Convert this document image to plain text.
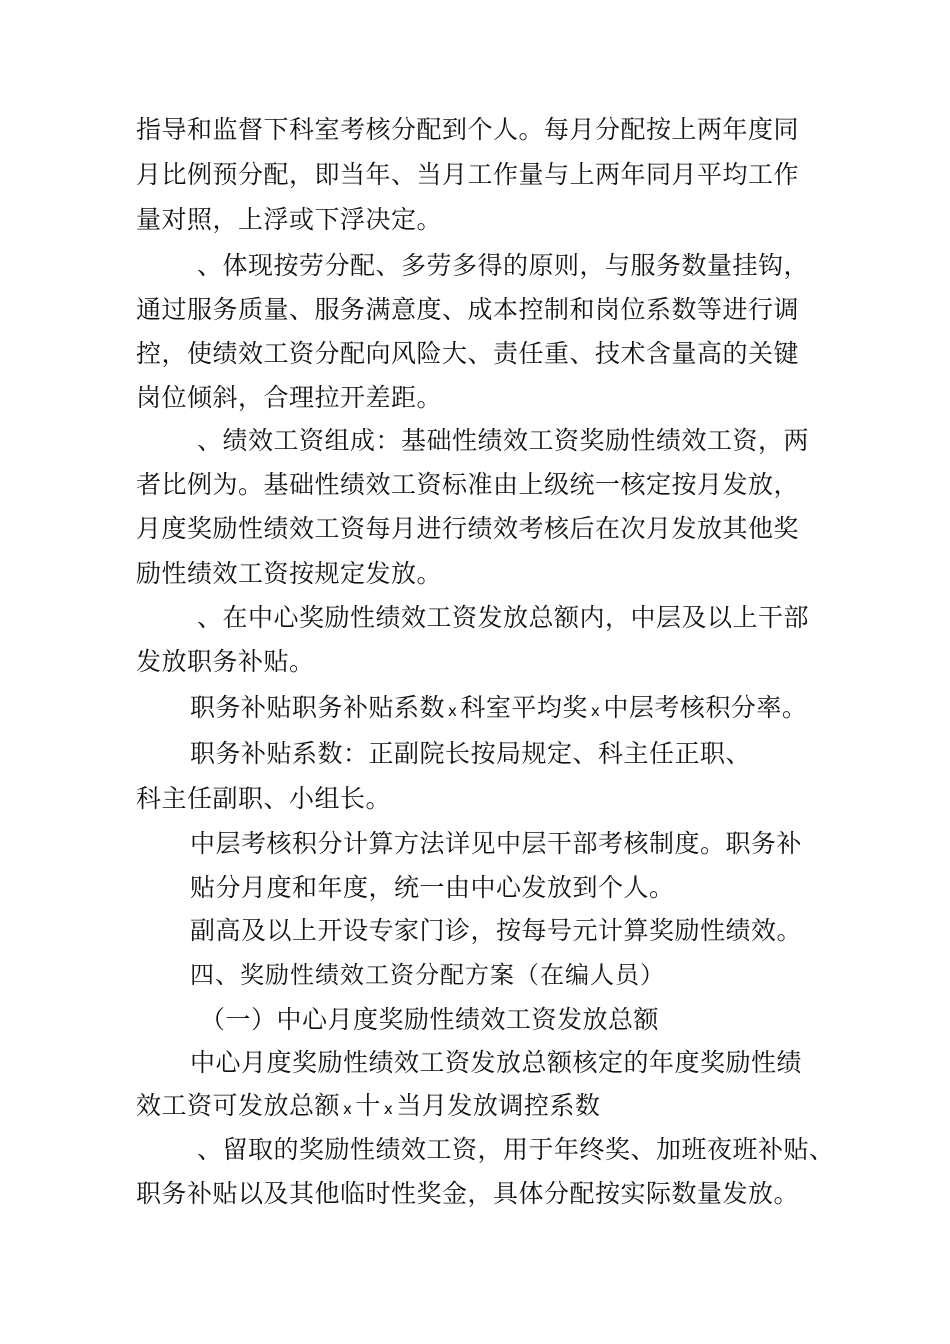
指导和监督下科室考核分配到个人。每月分配按上两年度同
月比例预分配，即当年、当月工作量与上两年同月平均工作
量对照，上浮或下浮决定。
、体现按劳分配、多劳多得的原则，与服务数量挂钩，
通过服务质量、服务满意度、成本控制和岗位系数等进行调
控，使绩效工资分配向风险大、责任重、技术含量高的关键
岗位倾斜，合理拉开差距。
、绩效工资组成：基础性绩效工资奖励性绩效工资，两
者比例为。基础性绩效工资标准由上级统一核定按月发放，
月度奖励性绩效工资每月进行绩效考核后在次月发放其他奖
励性绩效工资按规定发放。
、在中心奖励性绩效工资发放总额内，中层及以上干部
发放职务补贴。
职务补贴职务补贴系数 x 科室平均奖 x 中层考核积分率。
职务补贴系数：正副院长按局规定、科主任正职、
科主任副职、小组长。
中层考核积分计算方法详见中层干部考核制度。职务补
贴分月度和年度，统一由中心发放到个人。
副高及以上开设专家门诊，按每号元计算奖励性绩效。
四、奖励性绩效工资分配方案（在编人员）
（一）中心月度奖励性绩效工资发放总额
中心月度奖励性绩效工资发放总额核定的年度奖励性绩
效工资可发放总额 x 十 x 当月发放调控系数
、留取的奖励性绩效工资，用于年终奖、加班夜班补贴、
职务补贴以及其他临时性奖金，具体分配按实际数量发放。
